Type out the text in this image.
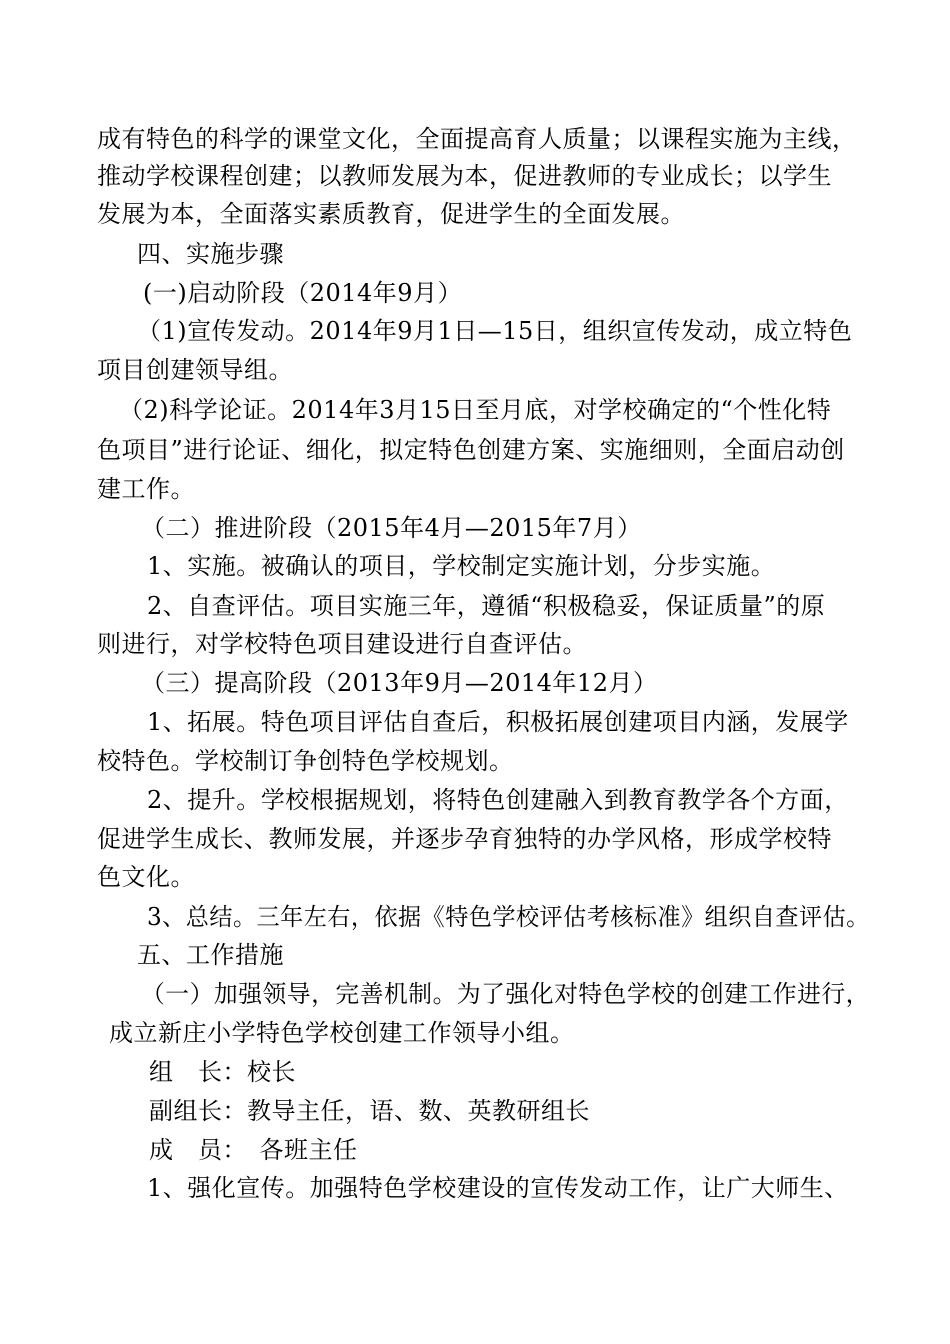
成有特色的科学的课堂文化，全面提高育人质量；以课程实施为主线，
推动学校课程创建；以教师发展为本，促进教师的专业成长；以学生
发展为本，全面落实素质教育，促进学生的全面发展。
四、实施步骤
(一)启动阶段（2014年9月）
（1)宣传发动。2014年9月1日—15日，组织宣传发动，成立特色
项目创建领导组。
（2)科学论证。2014年3月15日至月底，对学校确定的“个性化特
色项目”进行论证、细化，拟定特色创建方案、实施细则，全面启动创
建工作。
（二）推进阶段（2015年4月—2015年7月）
1、实施。被确认的项目，学校制定实施计划，分步实施。
2、自查评估。项目实施三年，遵循“积极稳妥，保证质量”的原
则进行，对学校特色项目建设进行自查评估。
（三）提高阶段（2013年9月—2014年12月）
1、拓展。特色项目评估自查后，积极拓展创建项目内涵，发展学
校特色。学校制订争创特色学校规划。
2、提升。学校根据规划，将特色创建融入到教育教学各个方面，
促进学生成长、教师发展，并逐步孕育独特的办学风格，形成学校特
色文化。
3、总结。三年左右，依据《特色学校评估考核标准》组织自查评估。
五、工作措施
（一）加强领导，完善机制。为了强化对特色学校的创建工作进行，
成立新庄小学特色学校创建工作领导小组。
组　长：校长
副组长：教导主任，语、数、英教研组长
成　员：　各班主任
1、强化宣传。加强特色学校建设的宣传发动工作，让广大师生、
